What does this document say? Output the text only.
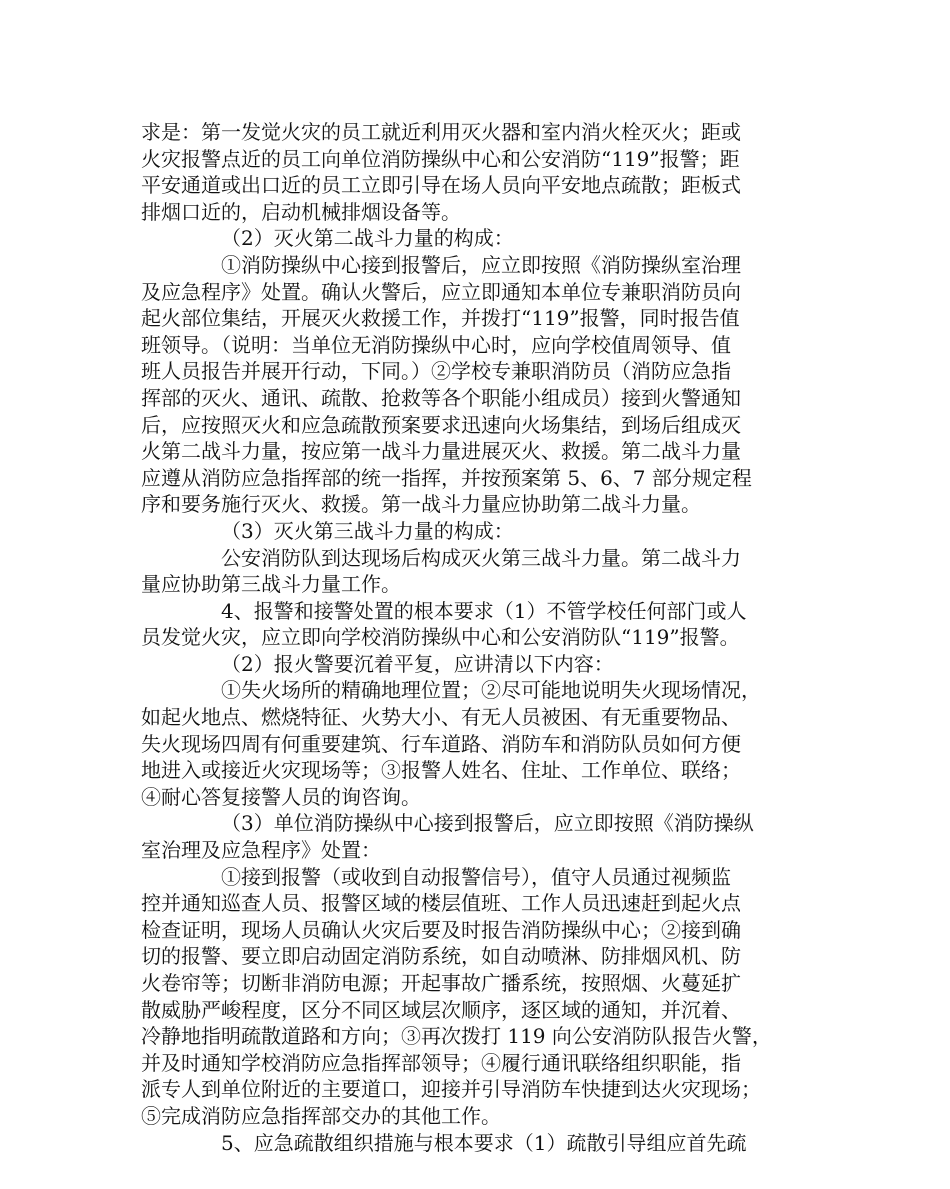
求是：第一发觉火灾的员工就近利用灭火器和室内消火栓灭火；距或
火灾报警点近的员工向单位消防操纵中心和公安消防“119”报警；距
平安通道或出口近的员工立即引导在场人员向平安地点疏散；距板式
排烟口近的，启动机械排烟设备等。
（2）灭火第二战斗力量的构成：
①消防操纵中心接到报警后，应立即按照《消防操纵室治理
及应急程序》处置。确认火警后，应立即通知本单位专兼职消防员向
起火部位集结，开展灭火救援工作，并拨打“119”报警，同时报告值
班领导。（说明：当单位无消防操纵中心时，应向学校值周领导、值
班人员报告并展开行动，下同。）②学校专兼职消防员（消防应急指
挥部的灭火、通讯、疏散、抢救等各个职能小组成员）接到火警通知
后，应按照灭火和应急疏散预案要求迅速向火场集结，到场后组成灭
火第二战斗力量，按应第一战斗力量进展灭火、救援。第二战斗力量
应遵从消防应急指挥部的统一指挥，并按预案第 5、6、7 部分规定程
序和要务施行灭火、救援。第一战斗力量应协助第二战斗力量。
（3）灭火第三战斗力量的构成：
公安消防队到达现场后构成灭火第三战斗力量。第二战斗力
量应协助第三战斗力量工作。
4、报警和接警处置的根本要求（1）不管学校任何部门或人
员发觉火灾，应立即向学校消防操纵中心和公安消防队“119”报警。
（2）报火警要沉着平复，应讲清以下内容：
①失火场所的精确地理位置；②尽可能地说明失火现场情况，
如起火地点、燃烧特征、火势大小、有无人员被困、有无重要物品、
失火现场四周有何重要建筑、行车道路、消防车和消防队员如何方便
地进入或接近火灾现场等；③报警人姓名、住址、工作单位、联络；
④耐心答复接警人员的询咨询。
（3）单位消防操纵中心接到报警后，应立即按照《消防操纵
室治理及应急程序》处置：
①接到报警（或收到自动报警信号），值守人员通过视频监
控并通知巡查人员、报警区域的楼层值班、工作人员迅速赶到起火点
检查证明，现场人员确认火灾后要及时报告消防操纵中心；②接到确
切的报警、要立即启动固定消防系统，如自动喷淋、防排烟风机、防
火卷帘等；切断非消防电源；开起事故广播系统，按照烟、火蔓延扩
散威胁严峻程度，区分不同区域层次顺序，逐区域的通知，并沉着、
冷静地指明疏散道路和方向；③再次拨打 119 向公安消防队报告火警，
并及时通知学校消防应急指挥部领导；④履行通讯联络组织职能，指
派专人到单位附近的主要道口，迎接并引导消防车快捷到达火灾现场；
⑤完成消防应急指挥部交办的其他工作。
5、应急疏散组织措施与根本要求（1）疏散引导组应首先疏
